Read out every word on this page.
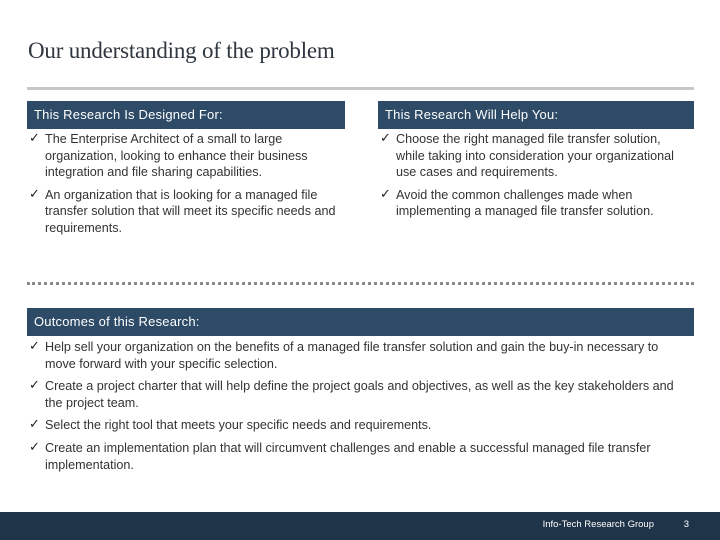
Our understanding of the problem
This Research Is Designed For:
✓ The Enterprise Architect of a small to large organization, looking to enhance their business integration and file sharing capabilities.
✓ An organization that is looking for a managed file transfer solution that will meet its specific needs and requirements.
This Research Will Help You:
✓ Choose the right managed file transfer solution, while taking into consideration your organizational use cases and requirements.
✓ Avoid the common challenges made when implementing a managed file transfer solution.
Outcomes of this Research:
✓ Help sell your organization on the benefits of a managed file transfer solution and gain the buy-in necessary to move forward with your specific selection.
✓ Create a project charter that will help define the project goals and objectives, as well as the key stakeholders and the project team.
✓ Select the right tool that meets your specific needs and requirements.
✓ Create an implementation plan that will circumvent challenges and enable a successful managed file transfer implementation.
Info-Tech Research Group	3
